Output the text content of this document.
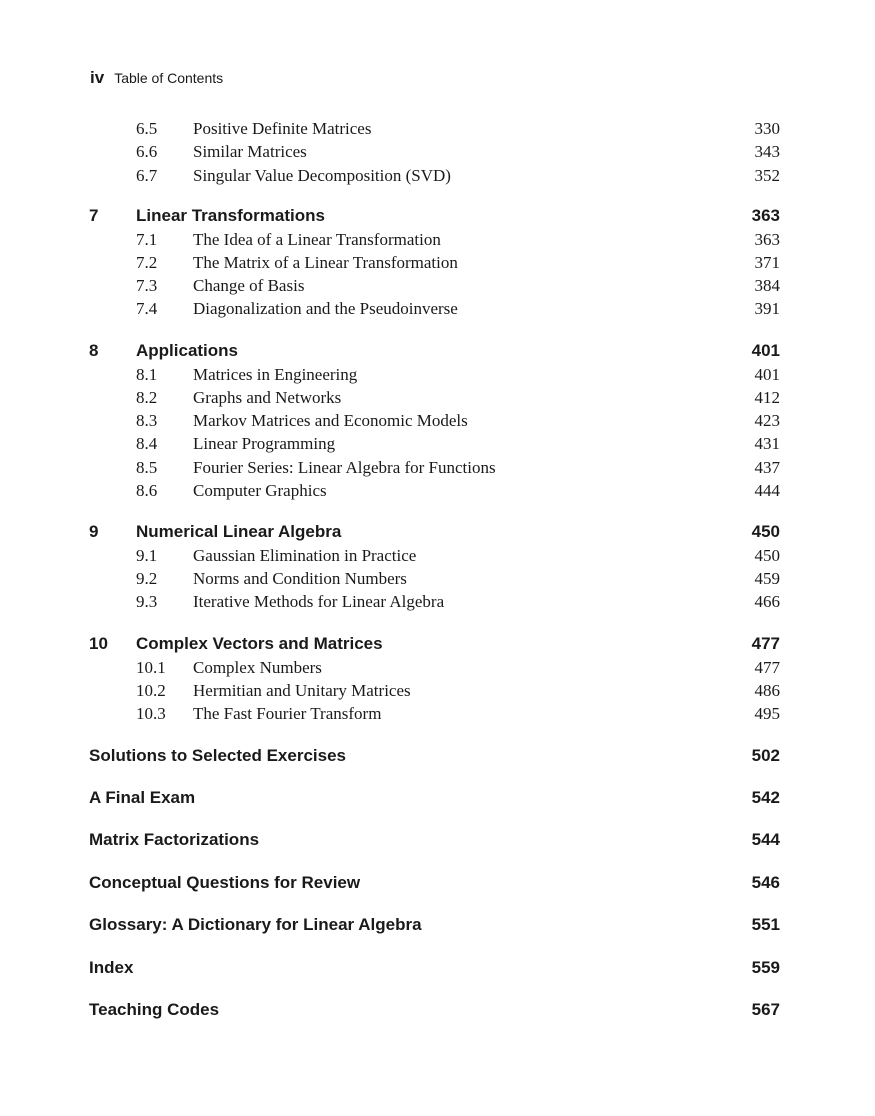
iv Table of Contents
6.5 Positive Definite Matrices	330
6.6 Similar Matrices	343
6.7 Singular Value Decomposition (SVD)	352
7 Linear Transformations	363
7.1 The Idea of a Linear Transformation	363
7.2 The Matrix of a Linear Transformation	371
7.3 Change of Basis	384
7.4 Diagonalization and the Pseudoinverse	391
8 Applications	401
8.1 Matrices in Engineering	401
8.2 Graphs and Networks	412
8.3 Markov Matrices and Economic Models	423
8.4 Linear Programming	431
8.5 Fourier Series: Linear Algebra for Functions	437
8.6 Computer Graphics	444
9 Numerical Linear Algebra	450
9.1 Gaussian Elimination in Practice	450
9.2 Norms and Condition Numbers	459
9.3 Iterative Methods for Linear Algebra	466
10 Complex Vectors and Matrices	477
10.1 Complex Numbers	477
10.2 Hermitian and Unitary Matrices	486
10.3 The Fast Fourier Transform	495
Solutions to Selected Exercises	502
A Final Exam	542
Matrix Factorizations	544
Conceptual Questions for Review	546
Glossary: A Dictionary for Linear Algebra	551
Index	559
Teaching Codes	567
